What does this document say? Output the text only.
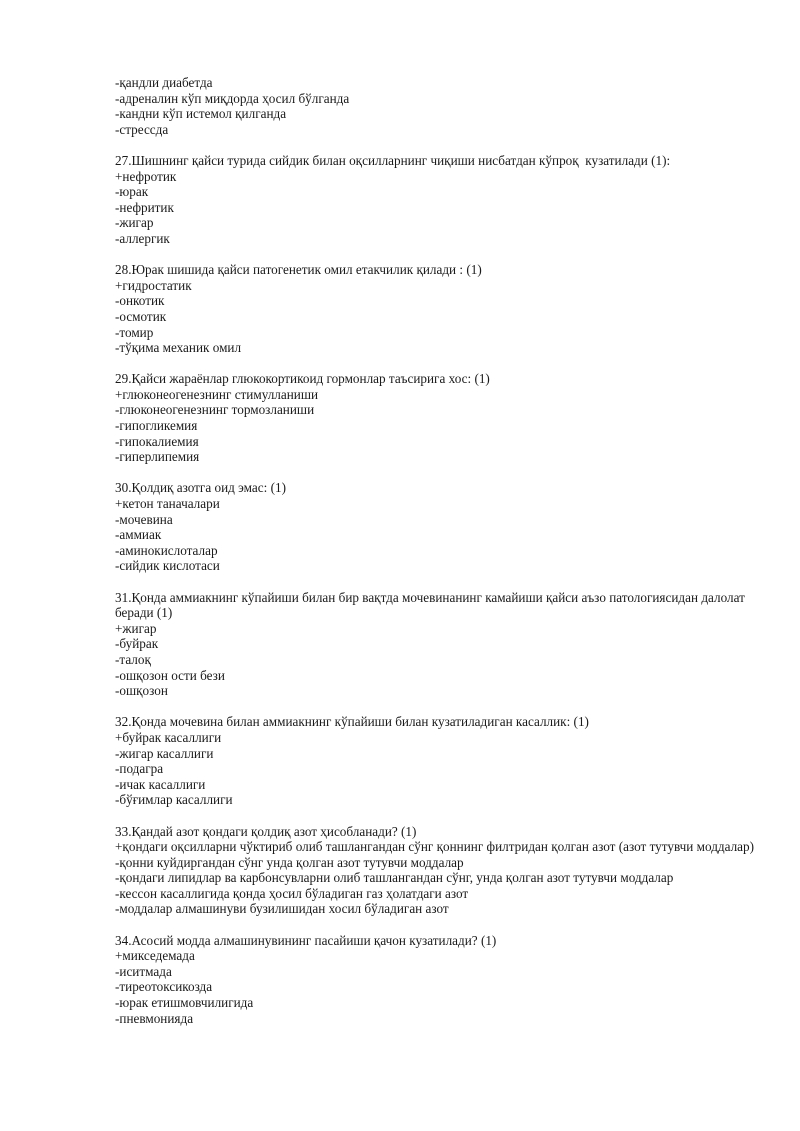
-қандли диабетда
-адреналин кўп миқдорда ҳосил бўлганда
-кандни кўп истемол қилганда
-стрессда
27.Шишнинг қайси турида сийдик билан оқсилларнинг чиқиши нисбатдан кўпроқ  кузатилади (1):
+нефротик
-юрак
-нефритик
-жигар
-аллергик
28.Юрак шишида қайси патогенетик омил етакчилик қилади : (1)
+гидростатик
-онкотик
-осмотик
-томир
-тўқима механик омил
29.Қайси жараёнлар глюкокортикоид гормонлар таъсирига хос: (1)
+глюконеогенезнинг стимулланиши
-глюконеогенезнинг тормозланиши
-гипогликемия
-гипокалиемия
-гиперлипемия
30.Қолдиқ азотга оид эмас: (1)
+кетон таначалари
-мочевина
-аммиак
-аминокислоталар
-сийдик кислотаси
31.Қонда аммиакнинг кўпайиши билан бир вақтда мочевинанинг камайиши қайси аъзо патологиясидан далолат беради (1)
+жигар
-буйрак
-талоқ
-ошқозон ости бези
-ошқозон
32.Қонда мочевина билан аммиакнинг кўпайиши билан кузатиладиган касаллик: (1)
+буйрак касаллиги
-жигар касаллиги
-подагра
-ичак касаллиги
-бўғимлар касаллиги
33.Қандай азот қондаги қолдиқ азот ҳисобланади? (1)
+қондаги оқсилларни чўктириб олиб ташлангандан сўнг қоннинг филтридан қолган азот (азот тутувчи моддалар)
-қонни куйдиргандан сўнг унда қолган азот тутувчи моддалар
-қондаги липидлар ва карбонсувларни олиб ташлангандан сўнг, унда қолган азот тутувчи моддалар
-кессон касаллигида қонда ҳосил бўладиган газ ҳолатдаги азот
-моддалар алмашинуви бузилишидан хосил бўладиган азот
34.Асосий модда алмашинувининг пасайиши қачон кузатилади? (1)
+микседемада
-иситмада
-тиреотоксикозда
-юрак етишмовчилигида
-пневмонияда
